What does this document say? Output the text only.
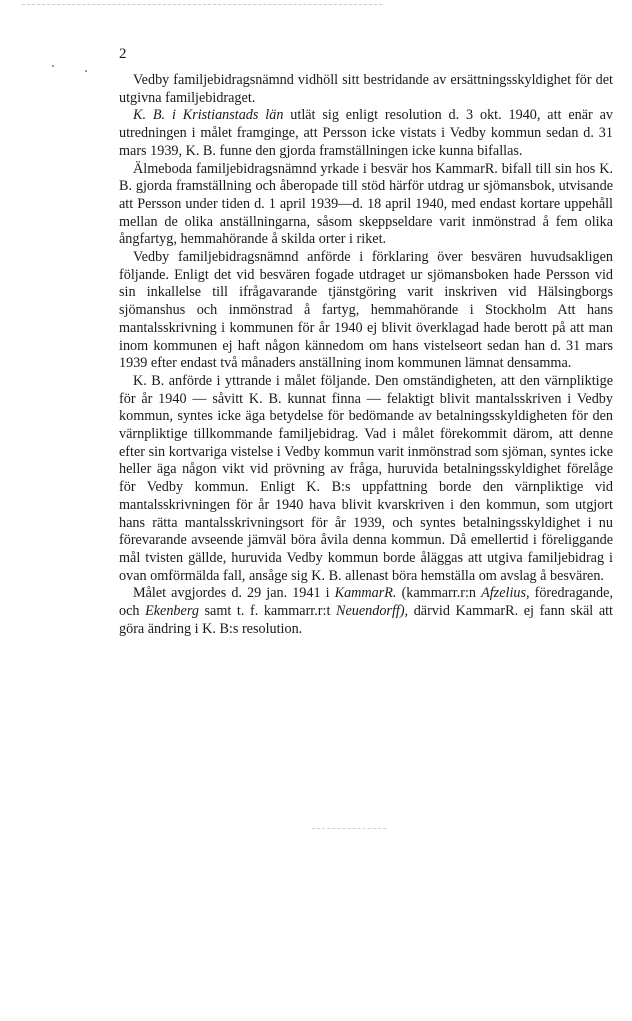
2

Vedby familjebidragsnämnd vidhöll sitt bestridande av ersättningsskyldighet för det utgivna familjebidraget.

K. B. i Kristianstads län utlät sig enligt resolution d. 3 okt. 1940, att enär av utredningen i målet framginge, att Persson icke vistats i Vedby kommun sedan d. 31 mars 1939, K. B. funne den gjorda framställningen icke kunna bifallas.

Älmeboda familjebidragsnämnd yrkade i besvär hos KammarR. bifall till sin hos K. B. gjorda framställning och åberopade till stöd härför utdrag ur sjömansbok, utvisande att Persson under tiden d. 1 april 1939—d. 18 april 1940, med endast kortare uppehåll mellan de olika anställningarna, såsom skeppseldare varit inmönstrad å fem olika ångfartyg, hemmahörande å skilda orter i riket.

Vedby familjebidragsnämnd anförde i förklaring över besvären huvudsakligen följande. Enligt det vid besvären fogade utdraget ur sjömansboken hade Persson vid sin inkallelse till ifrågavarande tjänstgöring varit inskriven vid Hälsingborgs sjömanshus och inmönstrad å fartyg, hemmahörande i Stockholm Att hans mantalsskrivning i kommunen för år 1940 ej blivit överklagad hade berott på att man inom kommunen ej haft någon kännedom om hans vistelseort sedan han d. 31 mars 1939 efter endast två månaders anställning inom kommunen lämnat densamma.

K. B. anförde i yttrande i målet följande. Den omständigheten, att den värnpliktige för år 1940 — såvitt K. B. kunnat finna — felaktigt blivit mantalsskriven i Vedby kommun, syntes icke äga betydelse för bedömande av betalningsskyldigheten för den värnpliktige tillkommande familjebidrag. Vad i målet förekommit därom, att denne efter sin kortvariga vistelse i Vedby kommun varit inmönstrad som sjöman, syntes icke heller äga någon vikt vid prövning av fråga, huruvida betalningsskyldighet förelåge för Vedby kommun. Enligt K. B:s uppfattning borde den värnpliktige vid mantalsskrivningen för år 1940 hava blivit kvarskriven i den kommun, som utgjort hans rätta mantalsskrivningsort för år 1939, och syntes betalningsskyldighet i nu förevarande avseende jämväl böra åvila denna kommun. Då emellertid i föreliggande mål tvisten gällde, huruvida Vedby kommun borde åläggas att utgiva familjebidrag i ovan omförmälda fall, ansåge sig K. B. allenast böra hemställa om avslag å besvären.

Målet avgjordes d. 29 jan. 1941 i KammarR. (kammarr.r:n Afzelius, föredragande, och Ekenberg samt t. f. kammarr.r:t Neuendorff), därvid KammarR. ej fann skäl att göra ändring i K. B:s resolution.
